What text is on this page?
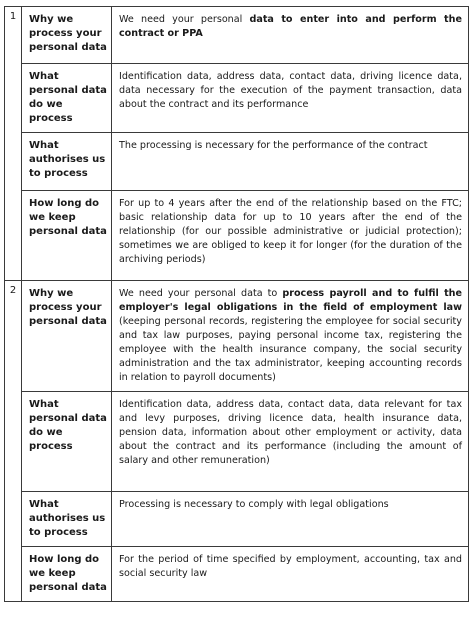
1	Why we process your personal data	We need your personal data to enter into and perform the contract or PPA
What personal data do we process	Identification data, address data, contact data, driving licence data, data necessary for the execution of the payment transaction, data about the contract and its performance
What authorises us to process	The processing is necessary for the performance of the contract
How long do we keep personal data	For up to 4 years after the end of the relationship based on the FTC; basic relationship data for up to 10 years after the end of the relationship (for our possible administrative or judicial protection); sometimes we are obliged to keep it for longer (for the duration of the archiving periods)

2	Why we process your personal data	We need your personal data to process payroll and to fulfil the employer's legal obligations in the field of employment law (keeping personal records, registering the employee for social security and tax law purposes, paying personal income tax, registering the employee with the health insurance company, the social security administration and the tax administrator, keeping accounting records in relation to payroll documents)
What personal data do we process	Identification data, address data, contact data, data relevant for tax and levy purposes, driving licence data, health insurance data, pension data, information about other employment or activity, data about the contract and its performance (including the amount of salary and other remuneration)
What authorises us to process	Processing is necessary to comply with legal obligations
How long do we keep personal data	For the period of time specified by employment, accounting, tax and social security law
